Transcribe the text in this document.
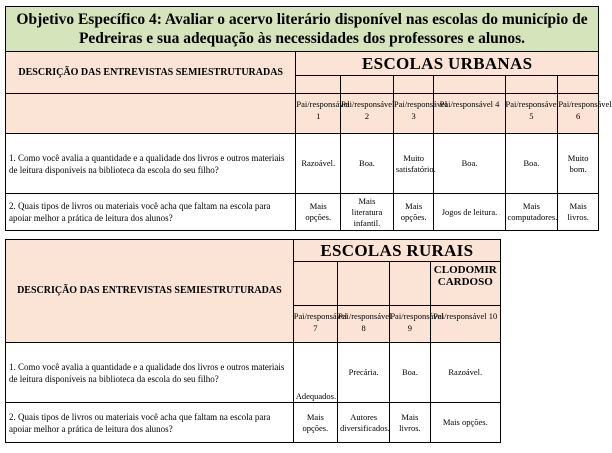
Objetivo Específico 4: Avaliar o acervo literário disponível nas escolas do município de Pedreiras e sua adequação às necessidades dos professores e alunos.						
DESCRIÇÃO DAS ENTREVISTAS SEMIESTRUTURADAS	ESCOLAS URBANAS					

	Pai/responsável 1	Pai/responsável 2	Pai/responsável 3	Pai/responsável 4	Pai/responsável 5	Pai/responsável 6
1. Como você avalia a quantidade e a qualidade dos livros e outros materiais de leitura disponíveis na biblioteca da escola do seu filho?	Razoável.	Boa.	Muito satisfatório.	Boa.	Boa.	Muito bom.
2. Quais tipos de livros ou materiais você acha que faltam na escola para apoiar melhor a prática de leitura dos alunos?	Mais opções.	Mais literatura infantil.	Mais opções.	Jogos de leitura.	Mais computadores.	Mais livros.
DESCRIÇÃO DAS ENTREVISTAS SEMIESTRUTURADAS	ESCOLAS RURAIS			
				CLODOMIR CARDOSO
	Pai/responsável 7	Pai/responsável 8	Pai/responsável 9	Pai/responsável 10
1. Como você avalia a quantidade e a qualidade dos livros e outros materiais de leitura disponíveis na biblioteca da escola do seu filho?	Adequados.	Precária.	Boa.	Razoável.
2. Quais tipos de livros ou materiais você acha que faltam na escola para apoiar melhor a prática de leitura dos alunos?	Mais opções.	Autores diversificados.	Mais livros.	Mais opções.
